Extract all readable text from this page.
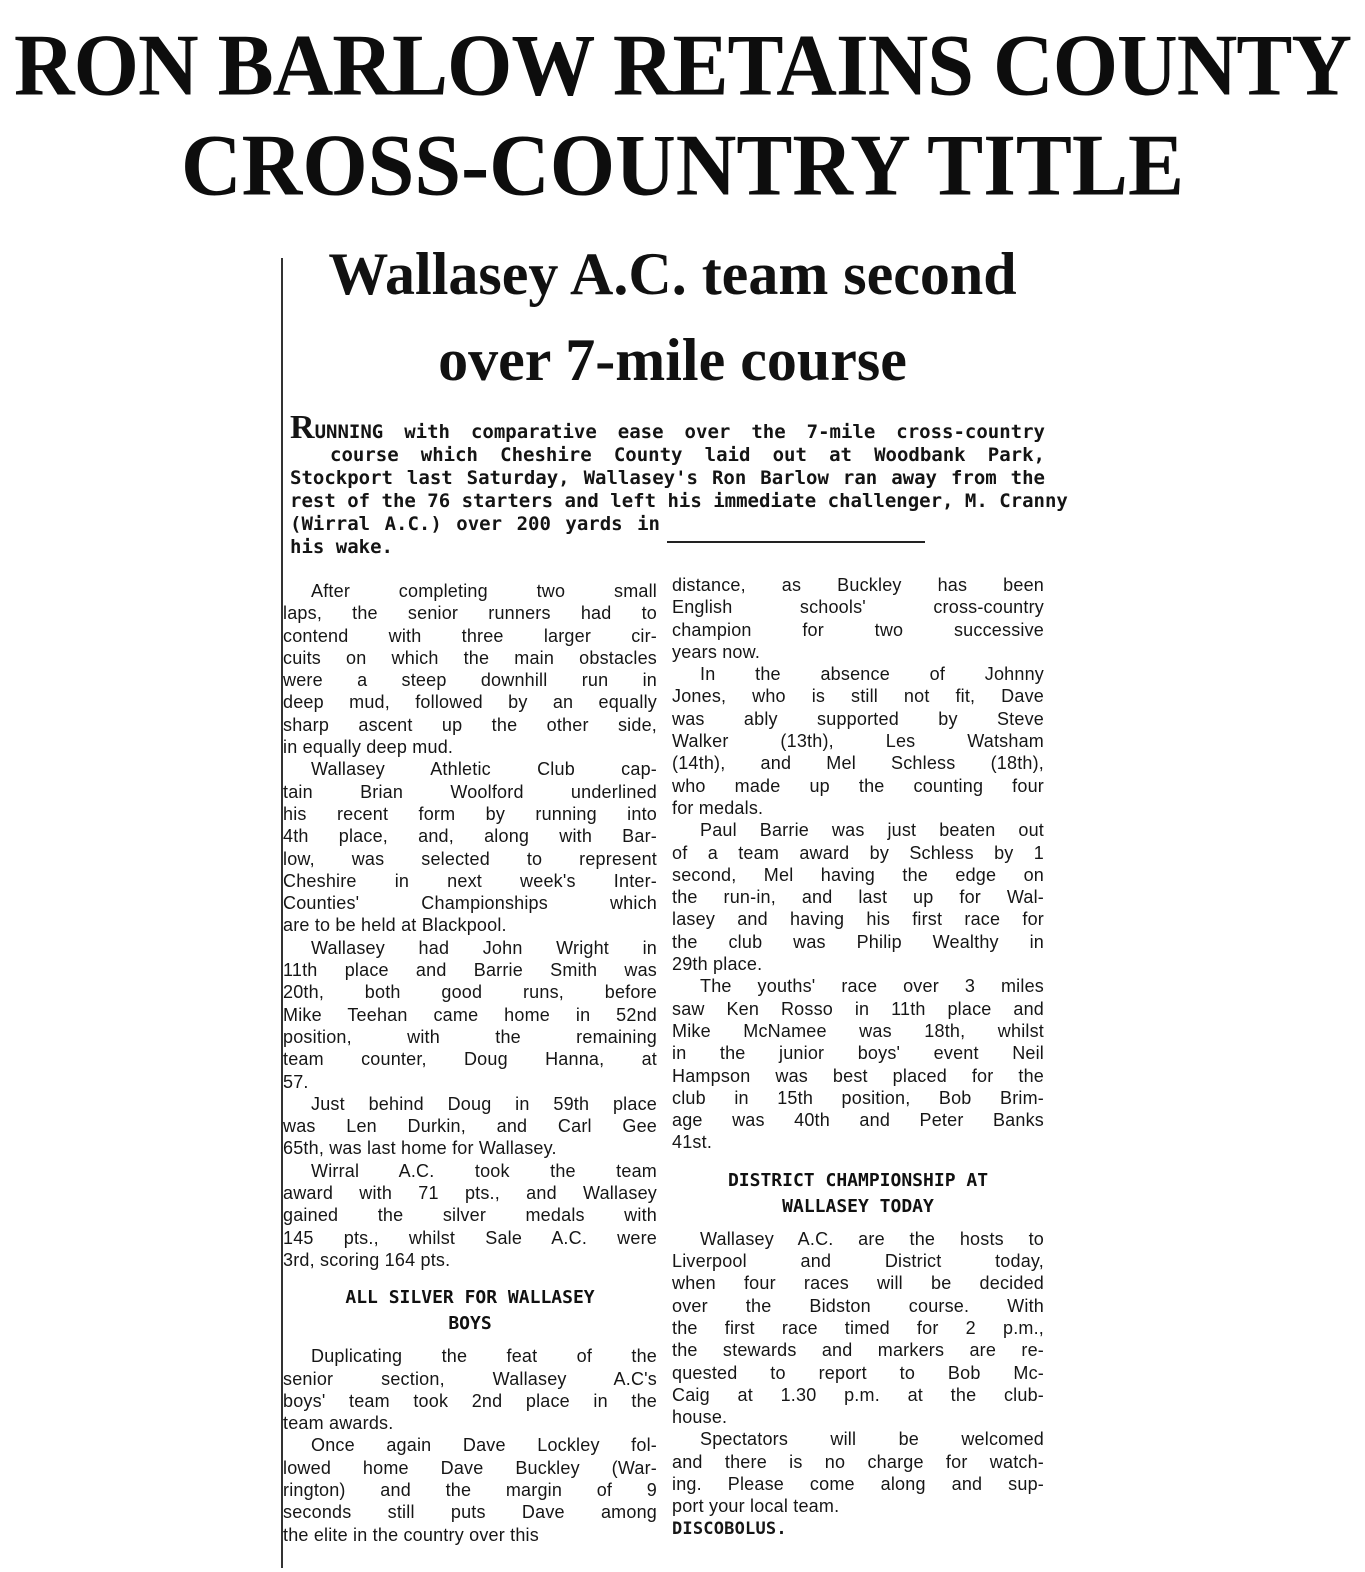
RON BARLOW RETAINS COUNTY
CROSS-COUNTRY TITLE
Wallasey A.C. team second
over 7-mile course

RUNNING with comparative ease over the 7-mile cross-country

course which Cheshire County laid out at Woodbank Park,

Stockport last Saturday, Wallasey's Ron Barlow ran away from the

rest of the 76 starters and left his immediate challenger, M. Cranny

(Wirral A.C.) over 200 yards in

his wake.

After completing two small

laps, the senior runners had to

contend with three larger cir-

cuits on which the main obstacles

were a steep downhill run in

deep mud, followed by an equally

sharp ascent up the other side,

in equally deep mud.

Wallasey Athletic Club cap-

tain Brian Woolford underlined

his recent form by running into

4th place, and, along with Bar-

low, was selected to represent

Cheshire in next week's Inter-

Counties' Championships which

are to be held at Blackpool.

Wallasey had John Wright in

11th place and Barrie Smith was

20th, both good runs, before

Mike Teehan came home in 52nd

position, with the remaining

team counter, Doug Hanna, at

57.

Just behind Doug in 59th place

was Len Durkin, and Carl Gee

65th, was last home for Wallasey.

Wirral A.C. took the team

award with 71 pts., and Wallasey

gained the silver medals with

145 pts., whilst Sale A.C. were

3rd, scoring 164 pts.

ALL SILVER FOR WALLASEY
BOYS

Duplicating the feat of the

senior section, Wallasey A.C's

boys' team took 2nd place in the

team awards.

Once again Dave Lockley fol-

lowed home Dave Buckley (War-

rington) and the margin of 9

seconds still puts Dave among

the elite in the country over this

distance, as Buckley has been

English schools' cross-country

champion for two successive

years now.

In the absence of Johnny

Jones, who is still not fit, Dave

was ably supported by Steve

Walker (13th), Les Watsham

(14th), and Mel Schless (18th),

who made up the counting four

for medals.

Paul Barrie was just beaten out

of a team award by Schless by 1

second, Mel having the edge on

the run-in, and last up for Wal-

lasey and having his first race for

the club was Philip Wealthy in

29th place.

The youths' race over 3 miles

saw Ken Rosso in 11th place and

Mike McNamee was 18th, whilst

in the junior boys' event Neil

Hampson was best placed for the

club in 15th position, Bob Brim-

age was 40th and Peter Banks

41st.

DISTRICT CHAMPIONSHIP AT
WALLASEY TODAY

Wallasey A.C. are the hosts to

Liverpool and District today,

when four races will be decided

over the Bidston course. With

the first race timed for 2 p.m.,

the stewards and markers are re-

quested to report to Bob Mc-

Caig at 1.30 p.m. at the club-

house.

Spectators will be welcomed

and there is no charge for watch-

ing. Please come along and sup-

port your local team.

DISCOBOLUS.
